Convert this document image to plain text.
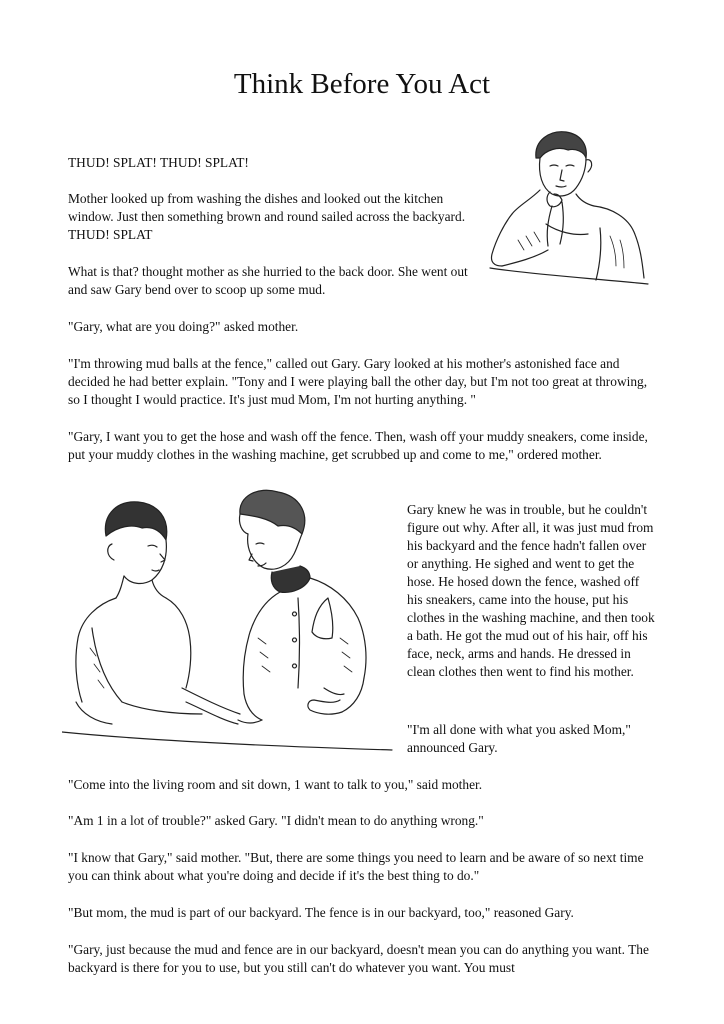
Think Before You Act

THUD! SPLAT! THUD! SPLAT!

Mother looked up from washing the dishes and looked out the kitchen window. Just then something brown and round sailed across the backyard. THUD! SPLAT

What is that? thought mother as she hurried to the back door. She went out and saw Gary bend over to scoop up some mud.

"Gary, what are you doing?" asked mother.

"I'm throwing mud balls at the fence," called out Gary. Gary looked at his mother's astonished face and decided he had better explain. "Tony and I were playing ball the other day, but I'm not too great at throwing, so I thought I would practice. It's just mud Mom, I'm not hurting anything. "

"Gary, I want you to get the hose and wash off the fence. Then, wash off your muddy sneakers, come inside, put your muddy clothes in the washing machine, get scrubbed up and come to me," ordered mother.

Gary knew he was in trouble, but he couldn't figure out why. After all, it was just mud from his backyard and the fence hadn't fallen over or anything. He sighed and went to get the hose. He hosed down the fence, washed off his sneakers, came into the house, put his clothes in the washing machine, and then took a bath. He got the mud out of his hair, off his face, neck, arms and hands. He dressed in clean clothes then went to find his mother.

"I'm all done with what you asked Mom," announced Gary.

"Come into the living room and sit down, 1 want to talk to you," said mother.

"Am 1 in a lot of trouble?" asked Gary. "I didn't mean to do anything wrong."

"I know that Gary," said mother. "But, there are some things you need to learn and be aware of so next time you can think about what you're doing and decide if it's the best thing to do."

"But mom, the mud is part of our backyard. The fence is in our backyard, too," reasoned Gary.

"Gary, just because the mud and fence are in our backyard, doesn't mean you can do anything you want. The backyard is there for you to use, but you still can't do whatever you want. You must
